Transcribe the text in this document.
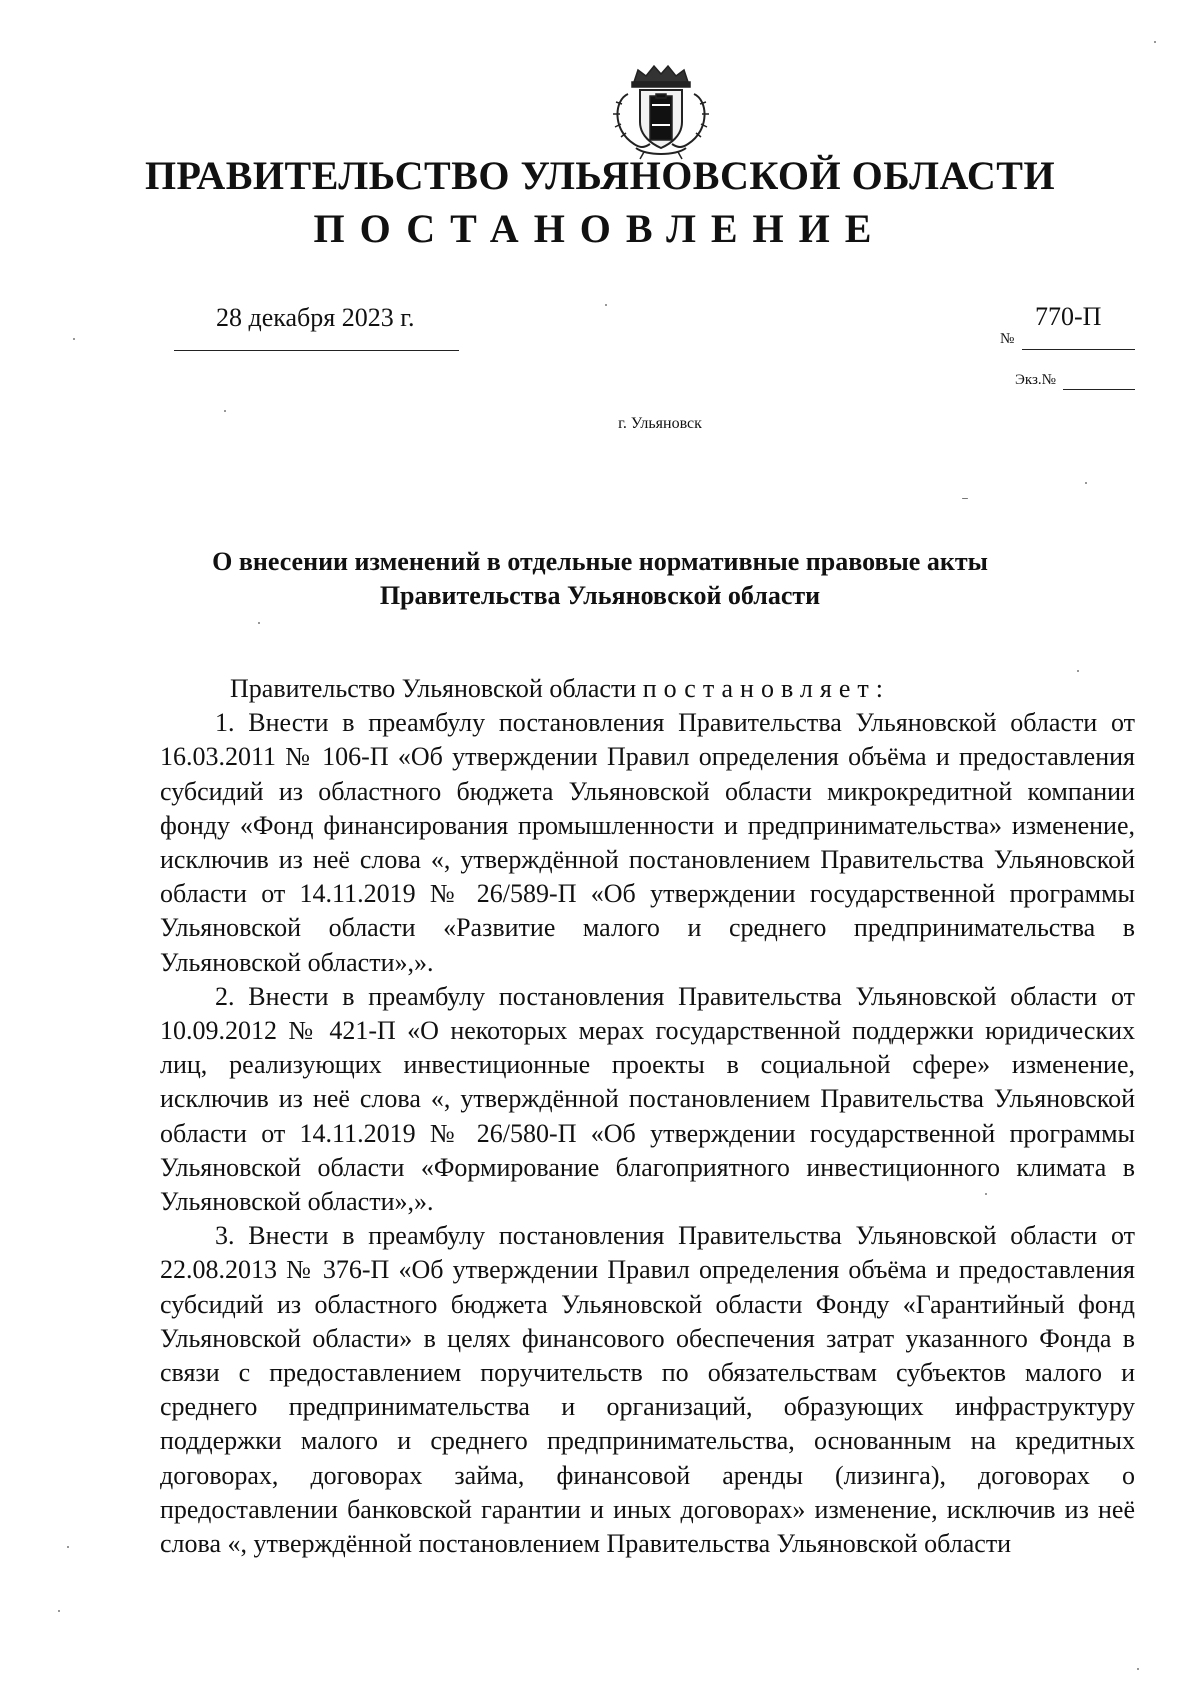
ПРАВИТЕЛЬСТВО УЛЬЯНОВСКОЙ ОБЛАСТИ
ПОСТАНОВЛЕНИЕ
28 декабря 2023 г.	770-П
№
Экз.№
г. Ульяновск
О внесении изменений в отдельные нормативные правовые акты
Правительства Ульяновской области

Правительство Ульяновской области постановляет:

1. Внести в преамбулу постановления Правительства Ульяновской области от 16.03.2011 № 106-П «Об утверждении Правил определения объёма и предоставления субсидий из областного бюджета Ульяновской области микрокредитной компании фонду «Фонд финансирования промышленности и предпринимательства» изменение, исключив из неё слова «, утверждённой постановлением Правительства Ульяновской области от 14.11.2019 № 26/589-П «Об утверждении государственной программы Ульяновской области «Развитие малого и среднего предпринимательства в Ульяновской области»,».

2. Внести в преамбулу постановления Правительства Ульяновской области от 10.09.2012 № 421-П «О некоторых мерах государственной поддержки юридических лиц, реализующих инвестиционные проекты в социальной сфере» изменение, исключив из неё слова «, утверждённой постановлением Правительства Ульяновской области от 14.11.2019 № 26/580-П «Об утверждении государственной программы Ульяновской области «Формирование благоприятного инвестиционного климата в Ульяновской области»,».

3. Внести в преамбулу постановления Правительства Ульяновской области от 22.08.2013 № 376-П «Об утверждении Правил определения объёма и предоставления субсидий из областного бюджета Ульяновской области Фонду «Гарантийный фонд Ульяновской области» в целях финансового обеспечения затрат указанного Фонда в связи с предоставлением поручительств по обязательствам субъектов малого и среднего предпринимательства и организаций, образующих инфраструктуру поддержки малого и среднего предпринимательства, основанным на кредитных договорах, договорах займа, финансовой аренды (лизинга), договорах о предоставлении банковской гарантии и иных договорах» изменение, исключив из неё слова «, утверждённой постановлением Правительства Ульяновской области
